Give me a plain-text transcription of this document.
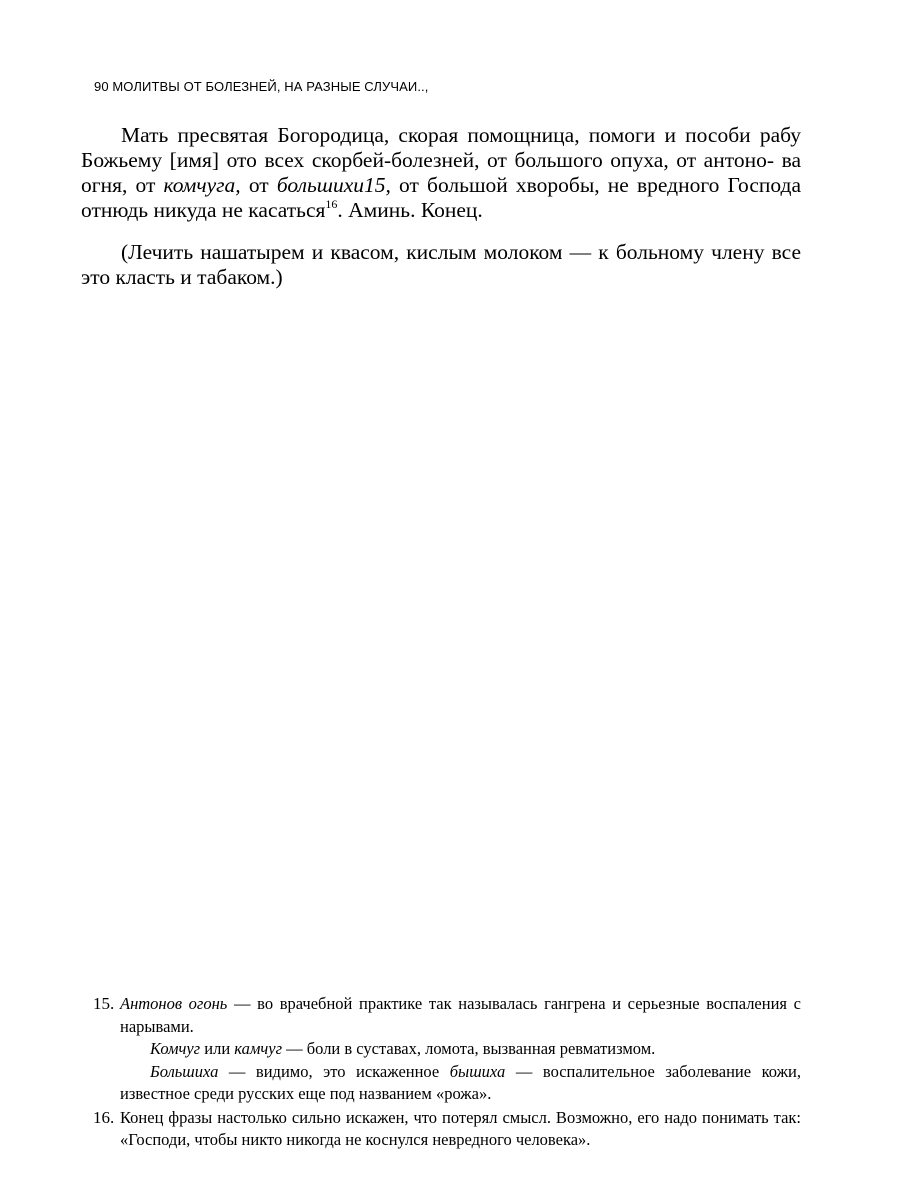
90 МОЛИТВЫ ОТ БОЛЕЗНЕЙ, НА РАЗНЫЕ СЛУЧАИ..,

Мать пресвятая Богородица, скорая помощница, помоги и пособи рабу Божьему [имя] ото всех скорбей-болезней, от большого опуха, от антоно- ва огня, от комчуга, от большихи15, от большой хворобы, не вредного Господа отнюдь никуда не касаться$^{16}$. Аминь. Конец.

(Лечить нашатырем и квасом, кислым молоком — к больному члену все это класть и табаком.)

15. Антонов огонь — во врачебной практике так называлась гангрена и серьезные воспаления с нарывами.

Комчуг или камчуг — боли в суставах, ломота, вызванная ревматизмом.

Большиха — видимо, это искаженное бышиха — воспалительное заболевание кожи, известное среди русских еще под названием «рожа».

16. Конец фразы настолько сильно искажен, что потерял смысл. Возможно, его надо понимать так: «Господи, чтобы никто никогда не коснулся невредного человека».
